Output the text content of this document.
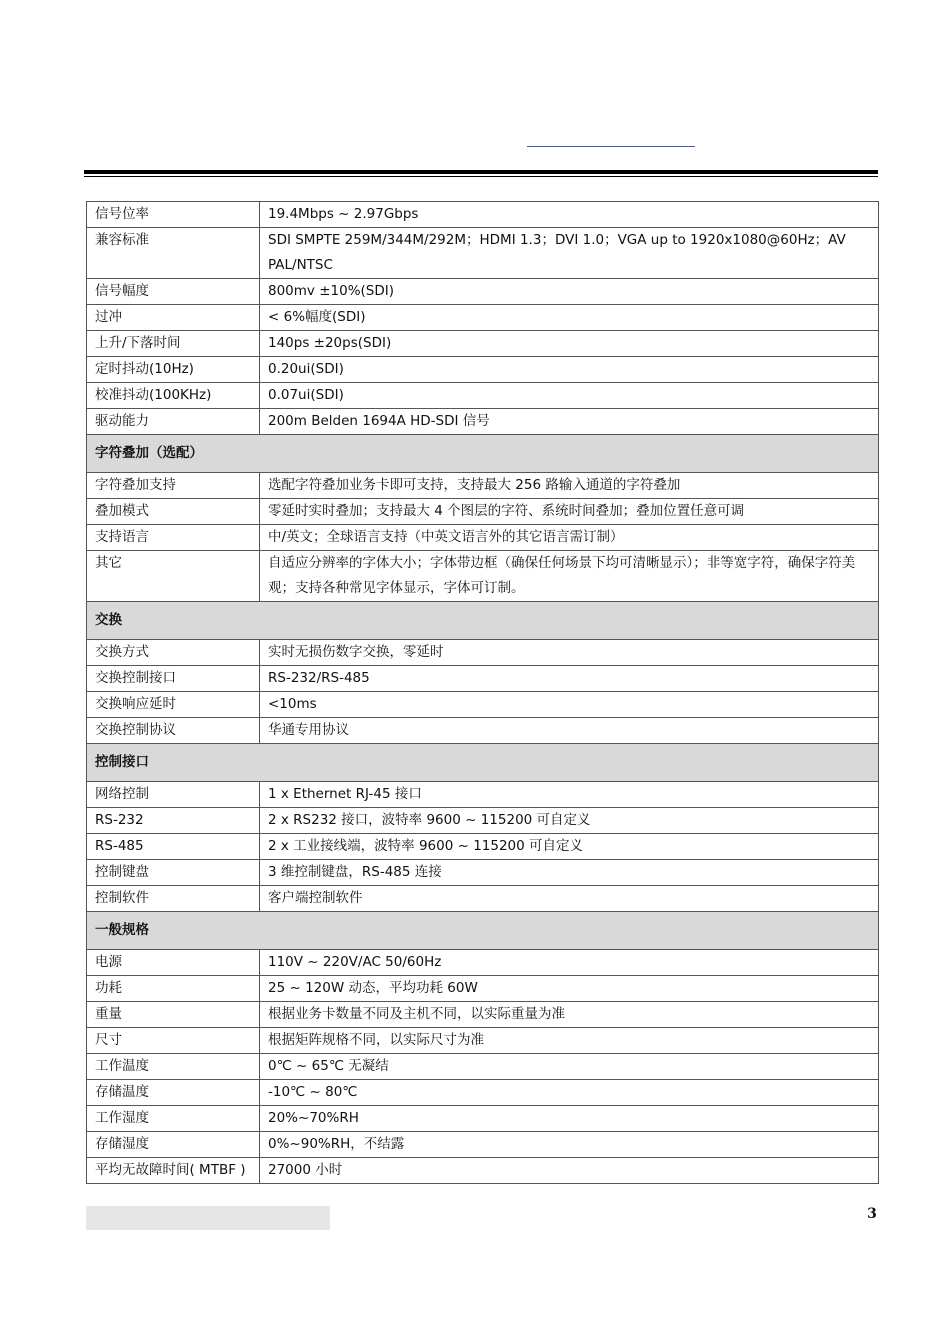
信号位率	19.4Mbps ~ 2.97Gbps
兼容标准	SDI SMPTE 259M/344M/292M；HDMI 1.3；DVI 1.0；VGA up to 1920x1080@60Hz；AV PAL/NTSC
信号幅度	800mv ±10%(SDI)
过冲	< 6%幅度(SDI)
上升/下落时间	140ps ±20ps(SDI)
定时抖动(10Hz)	0.20ui(SDI)
校准抖动(100KHz)	0.07ui(SDI)
驱动能力	200m Belden 1694A HD-SDI 信号
字符叠加（选配）	
字符叠加支持	选配字符叠加业务卡即可支持，支持最大 256 路输入通道的字符叠加
叠加模式	零延时实时叠加；支持最大 4 个图层的字符、系统时间叠加；叠加位置任意可调
支持语言	中/英文；全球语言支持（中英文语言外的其它语言需订制）
其它	自适应分辨率的字体大小；字体带边框（确保任何场景下均可清晰显示）；非等宽字符，确保字符美观；支持各种常见字体显示，字体可订制。
交换	
交换方式	实时无损伤数字交换，零延时
交换控制接口	RS-232/RS-485
交换响应延时	<10ms
交换控制协议	华通专用协议
控制接口	
网络控制	1 x Ethernet RJ-45 接口
RS-232	2 x RS232 接口，波特率 9600 ~ 115200 可自定义
RS-485	2 x 工业接线端，波特率 9600 ~ 115200 可自定义
控制键盘	3 维控制键盘，RS-485 连接
控制软件	客户端控制软件
一般规格	
电源	110V ~ 220V/AC 50/60Hz
功耗	25 ~ 120W 动态，平均功耗 60W
重量	根据业务卡数量不同及主机不同，以实际重量为准
尺寸	根据矩阵规格不同，以实际尺寸为准
工作温度	0℃ ~ 65℃ 无凝结
存储温度	-10℃ ~ 80℃
工作湿度	20%~70%RH
存储湿度	0%~90%RH，不结露
平均无故障时间( MTBF )	27000 小时
3
